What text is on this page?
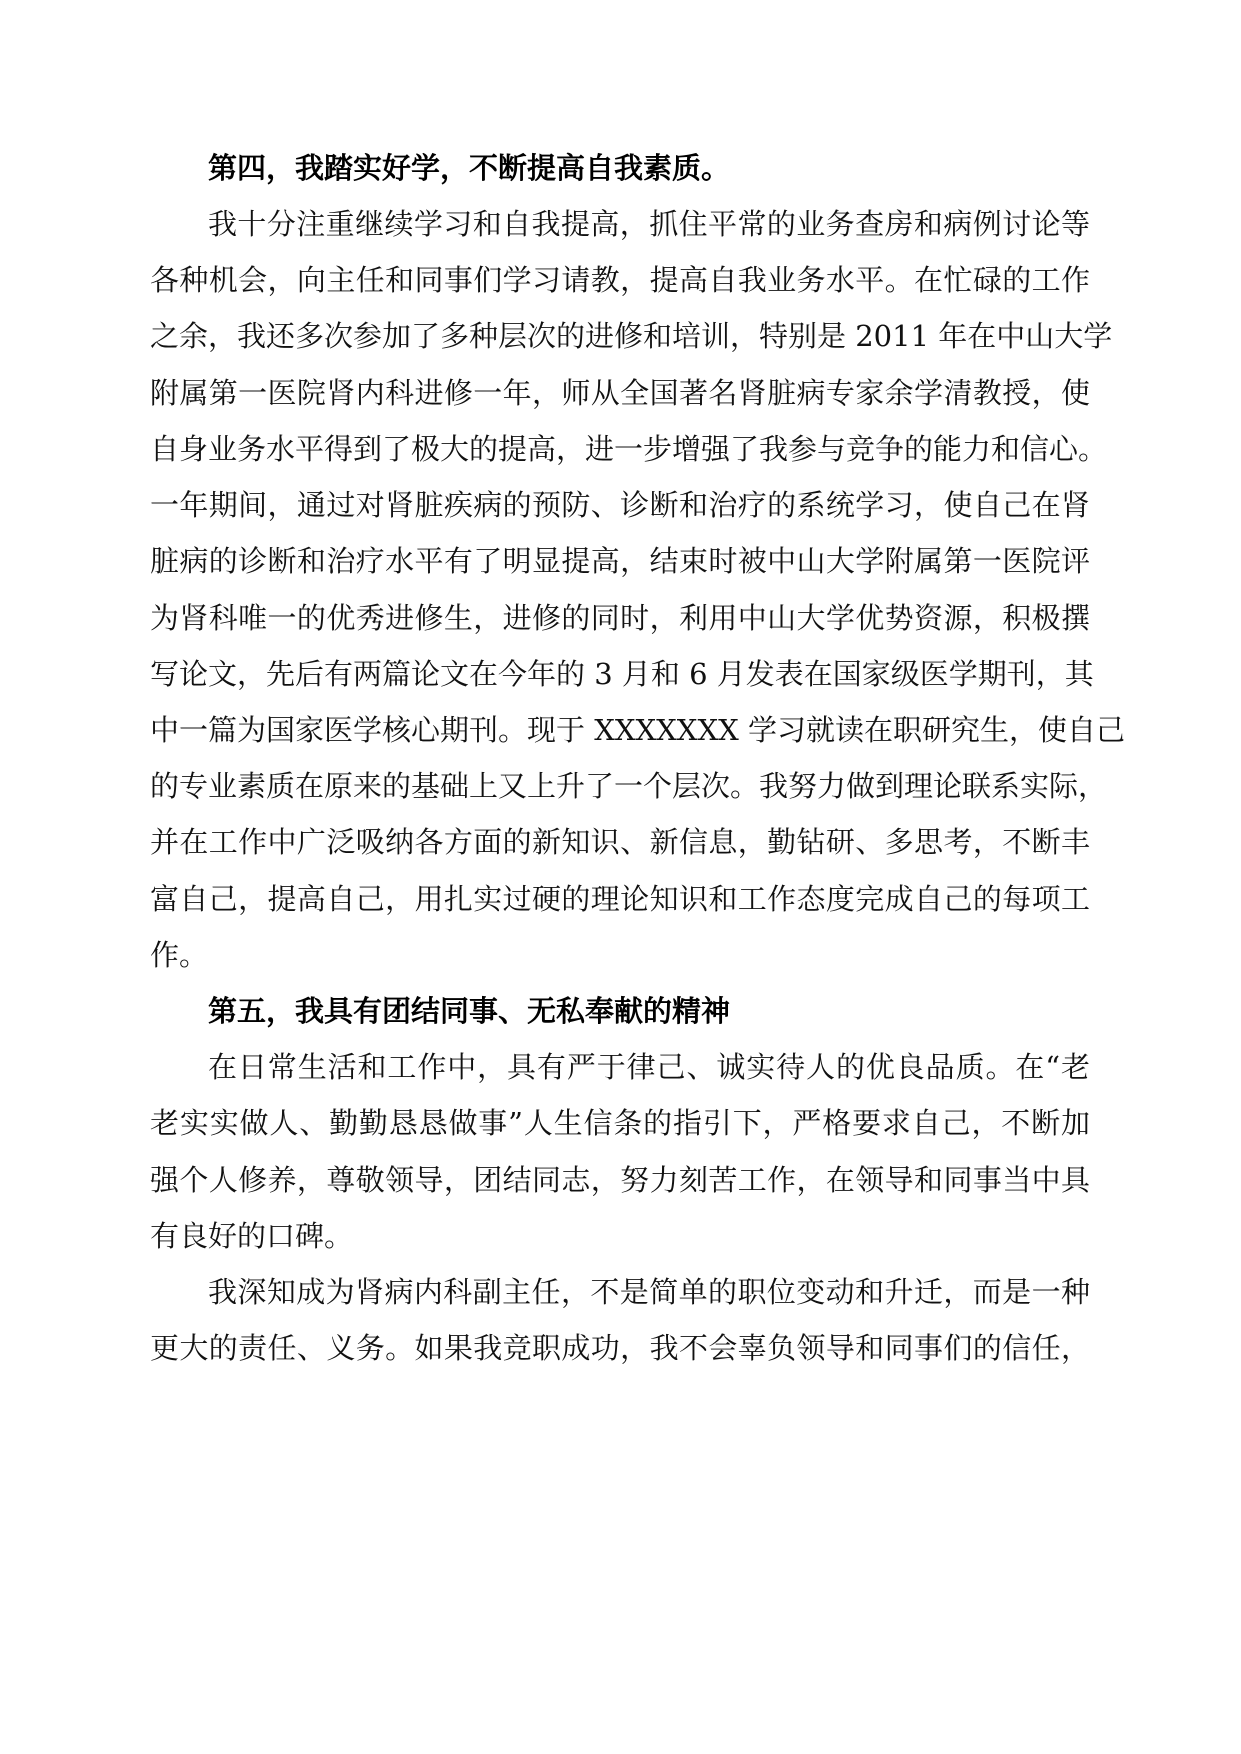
第四，我踏实好学，不断提高自我素质。
我十分注重继续学习和自我提高，抓住平常的业务查房和病例讨论等
各种机会，向主任和同事们学习请教，提高自我业务水平。在忙碌的工作
之余，我还多次参加了多种层次的进修和培训，特别是 2011 年在中山大学
附属第一医院肾内科进修一年，师从全国著名肾脏病专家余学清教授，使
自身业务水平得到了极大的提高，进一步增强了我参与竞争的能力和信心。
一年期间，通过对肾脏疾病的预防、诊断和治疗的系统学习，使自己在肾
脏病的诊断和治疗水平有了明显提高，结束时被中山大学附属第一医院评
为肾科唯一的优秀进修生，进修的同时，利用中山大学优势资源，积极撰
写论文，先后有两篇论文在今年的 3 月和 6 月发表在国家级医学期刊，其
中一篇为国家医学核心期刊。现于 XXXXXXX 学习就读在职研究生，使自己
的专业素质在原来的基础上又上升了一个层次。我努力做到理论联系实际，
并在工作中广泛吸纳各方面的新知识、新信息，勤钻研、多思考，不断丰
富自己，提高自己，用扎实过硬的理论知识和工作态度完成自己的每项工
作。
第五，我具有团结同事、无私奉献的精神
在日常生活和工作中，具有严于律己、诚实待人的优良品质。在“老
老实实做人、勤勤恳恳做事”人生信条的指引下，严格要求自己，不断加
强个人修养，尊敬领导，团结同志，努力刻苦工作，在领导和同事当中具
有良好的口碑。
我深知成为肾病内科副主任，不是简单的职位变动和升迁，而是一种
更大的责任、义务。如果我竞职成功，我不会辜负领导和同事们的信任，
